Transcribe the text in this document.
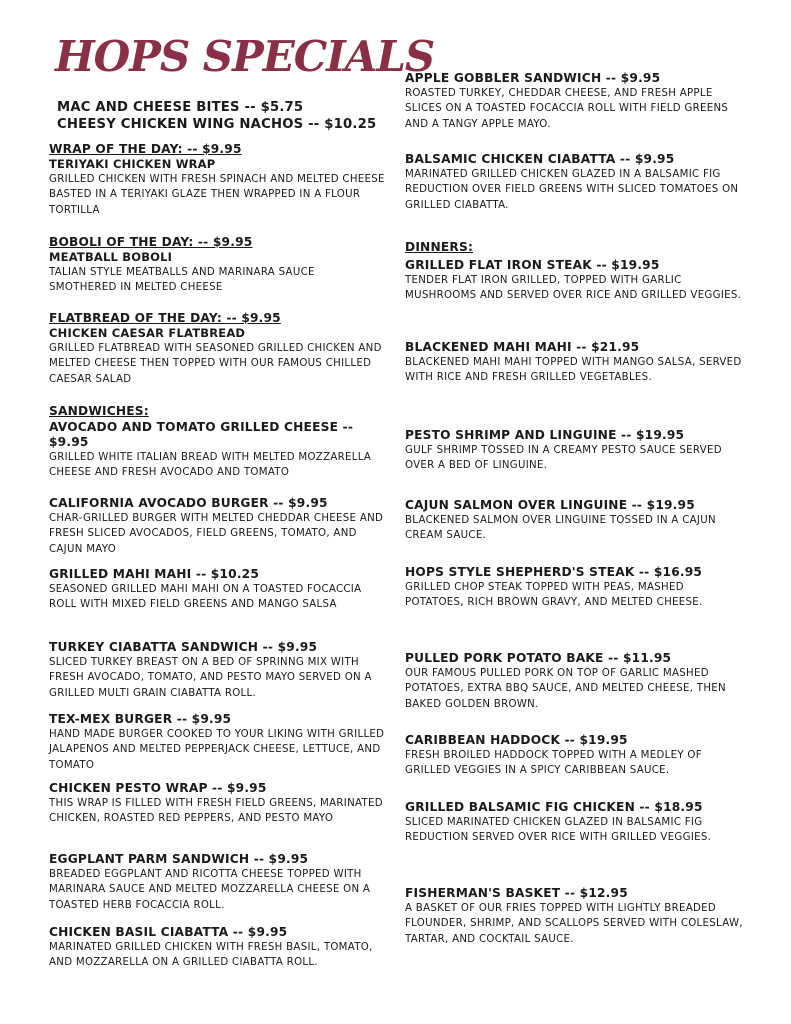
HOPS SPECIALS
MAC AND CHEESE BITES -- $5.75
CHEESY CHICKEN WING NACHOS -- $10.25
WRAP OF THE DAY: -- $9.95
TERIYAKI CHICKEN WRAP
GRILLED CHICKEN WITH FRESH SPINACH AND MELTED CHEESE BASTED IN A TERIYAKI GLAZE THEN WRAPPED IN A FLOUR TORTILLA
BOBOLI OF THE DAY: -- $9.95
MEATBALL BOBOLI
TALIAN STYLE MEATBALLS AND MARINARA SAUCE SMOTHERED IN MELTED CHEESE
FLATBREAD OF THE DAY: -- $9.95
CHICKEN CAESAR FLATBREAD
GRILLED FLATBREAD WITH SEASONED GRILLED CHICKEN AND MELTED CHEESE THEN TOPPED WITH OUR FAMOUS CHILLED CAESAR SALAD
SANDWICHES:
AVOCADO AND TOMATO GRILLED CHEESE -- $9.95
GRILLED WHITE ITALIAN BREAD WITH MELTED MOZZARELLA CHEESE AND FRESH AVOCADO AND TOMATO
CALIFORNIA AVOCADO BURGER -- $9.95
CHAR-GRILLED BURGER WITH MELTED CHEDDAR CHEESE AND FRESH SLICED AVOCADOS, FIELD GREENS, TOMATO, AND CAJUN MAYO
GRILLED MAHI MAHI -- $10.25
SEASONED GRILLED MAHI MAHI ON A TOASTED FOCACCIA ROLL WITH MIXED FIELD GREENS AND MANGO SALSA
TURKEY CIABATTA SANDWICH -- $9.95
SLICED TURKEY BREAST ON A BED OF SPRINNG MIX WITH FRESH AVOCADO, TOMATO, AND PESTO MAYO SERVED ON A GRILLED MULTI GRAIN CIABATTA ROLL.
TEX-MEX BURGER -- $9.95
HAND MADE BURGER COOKED TO YOUR LIKING WITH GRILLED JALAPENOS AND MELTED PEPPERJACK CHEESE, LETTUCE, AND TOMATO
CHICKEN PESTO WRAP -- $9.95
THIS WRAP IS FILLED WITH FRESH FIELD GREENS, MARINATED CHICKEN, ROASTED RED PEPPERS, AND PESTO MAYO
EGGPLANT PARM SANDWICH -- $9.95
BREADED EGGPLANT AND RICOTTA CHEESE TOPPED WITH MARINARA SAUCE AND MELTED MOZZARELLA CHEESE ON A TOASTED HERB FOCACCIA ROLL.
CHICKEN BASIL CIABATTA -- $9.95
MARINATED GRILLED CHICKEN WITH FRESH BASIL, TOMATO, AND MOZZARELLA ON A GRILLED CIABATTA ROLL.
APPLE GOBBLER SANDWICH -- $9.95
ROASTED TURKEY, CHEDDAR CHEESE, AND FRESH APPLE SLICES ON A TOASTED FOCACCIA ROLL WITH FIELD GREENS AND A TANGY APPLE MAYO.
BALSAMIC CHICKEN CIABATTA -- $9.95
MARINATED GRILLED CHICKEN GLAZED IN A BALSAMIC FIG REDUCTION OVER FIELD GREENS WITH SLICED TOMATOES ON GRILLED CIABATTA.
DINNERS:
GRILLED FLAT IRON STEAK -- $19.95
TENDER FLAT IRON GRILLED, TOPPED WITH GARLIC MUSHROOMS AND SERVED OVER RICE AND GRILLED VEGGIES.
BLACKENED MAHI MAHI -- $21.95
BLACKENED MAHI MAHI TOPPED WITH MANGO SALSA, SERVED WITH RICE AND FRESH GRILLED VEGETABLES.
PESTO SHRIMP AND LINGUINE -- $19.95
GULF SHRIMP TOSSED IN A CREAMY PESTO SAUCE SERVED OVER A BED OF LINGUINE.
CAJUN SALMON OVER LINGUINE -- $19.95
BLACKENED SALMON OVER LINGUINE TOSSED IN A CAJUN CREAM SAUCE.
HOPS STYLE SHEPHERD'S STEAK -- $16.95
GRILLED CHOP STEAK TOPPED WITH PEAS, MASHED POTATOES, RICH BROWN GRAVY, AND MELTED CHEESE.
PULLED PORK POTATO BAKE -- $11.95
OUR FAMOUS PULLED PORK ON TOP OF GARLIC MASHED POTATOES, EXTRA BBQ SAUCE, AND MELTED CHEESE, THEN BAKED GOLDEN BROWN.
CARIBBEAN HADDOCK -- $19.95
FRESH BROILED HADDOCK TOPPED WITH A MEDLEY OF GRILLED VEGGIES IN A SPICY CARIBBEAN SAUCE.
GRILLED BALSAMIC FIG CHICKEN -- $18.95
SLICED MARINATED CHICKEN GLAZED IN BALSAMIC FIG REDUCTION SERVED OVER RICE WITH GRILLED VEGGIES.
FISHERMAN'S BASKET -- $12.95
A BASKET OF OUR FRIES TOPPED WITH LIGHTLY BREADED FLOUNDER, SHRIMP, AND SCALLOPS SERVED WITH COLESLAW, TARTAR, AND COCKTAIL SAUCE.
